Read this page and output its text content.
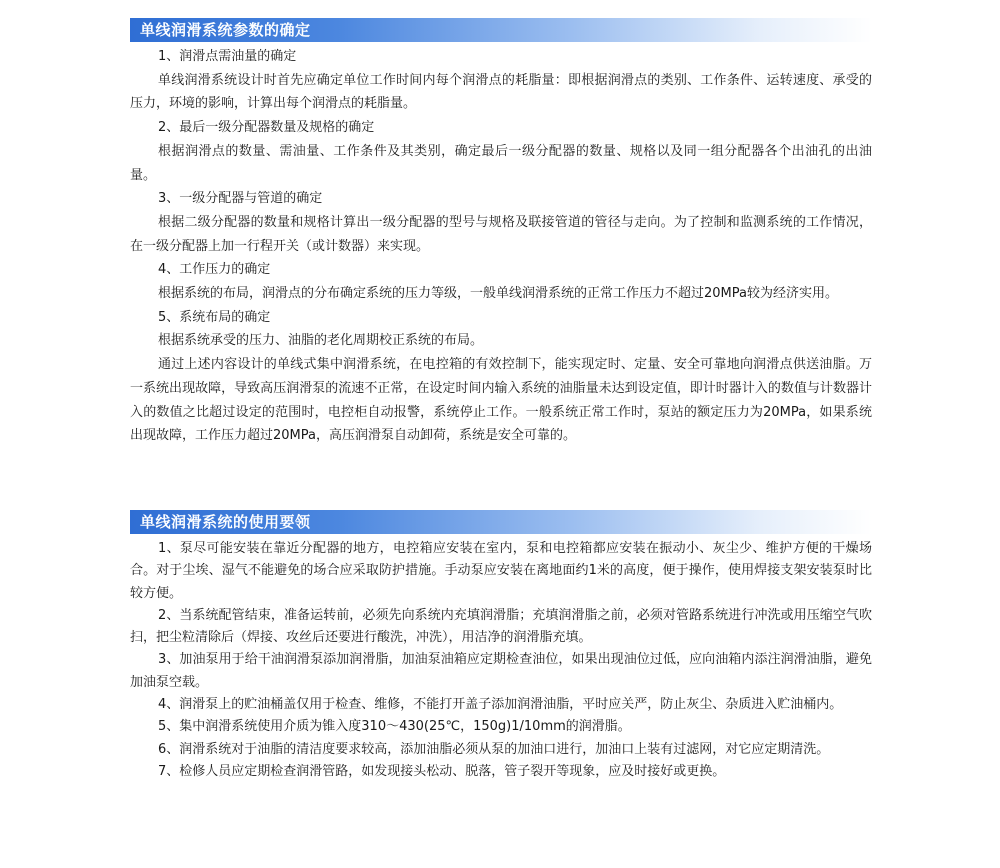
单线润滑系统参数的确定

1、润滑点需油量的确定

单线润滑系统设计时首先应确定单位工作时间内每个润滑点的耗脂量：即根据润滑点的类别、工作条件、运转速度、承受的压力，环境的影响，计算出每个润滑点的耗脂量。

2、最后一级分配器数量及规格的确定

根据润滑点的数量、需油量、工作条件及其类别，确定最后一级分配器的数量、规格以及同一组分配器各个出油孔的出油量。

3、一级分配器与管道的确定

根据二级分配器的数量和规格计算出一级分配器的型号与规格及联接管道的管径与走向。为了控制和监测系统的工作情况，在一级分配器上加一行程开关（或计数器）来实现。

4、工作压力的确定

根据系统的布局，润滑点的分布确定系统的压力等级，一般单线润滑系统的正常工作压力不超过20MPa较为经济实用。

5、系统布局的确定

根据系统承受的压力、油脂的老化周期校正系统的布局。

通过上述内容设计的单线式集中润滑系统，在电控箱的有效控制下，能实现定时、定量、安全可靠地向润滑点供送油脂。万一系统出现故障，导致高压润滑泵的流速不正常，在设定时间内输入系统的油脂量未达到设定值，即计时器计入的数值与计数器计入的数值之比超过设定的范围时，电控柜自动报警，系统停止工作。一般系统正常工作时，泵站的额定压力为20MPa，如果系统出现故障，工作压力超过20MPa，高压润滑泵自动卸荷，系统是安全可靠的。

单线润滑系统的使用要领

1、泵尽可能安装在靠近分配器的地方，电控箱应安装在室内，泵和电控箱都应安装在振动小、灰尘少、维护方便的干燥场合。对于尘埃、湿气不能避免的场合应采取防护措施。手动泵应安装在离地面约1米的高度，便于操作，使用焊接支架安装泵时比较方便。

2、当系统配管结束，准备运转前，必须先向系统内充填润滑脂；充填润滑脂之前，必须对管路系统进行冲洗或用压缩空气吹扫，把尘粒清除后（焊接、攻丝后还要进行酸洗，冲洗），用洁净的润滑脂充填。

3、加油泵用于给干油润滑泵添加润滑脂，加油泵油箱应定期检查油位，如果出现油位过低，应向油箱内添注润滑油脂，避免加油泵空载。

4、润滑泵上的贮油桶盖仅用于检查、维修，不能打开盖子添加润滑油脂，平时应关严，防止灰尘、杂质进入贮油桶内。

5、集中润滑系统使用介质为锥入度310～430(25℃，150g)1/10mm的润滑脂。

6、润滑系统对于油脂的清洁度要求较高，添加油脂必须从泵的加油口进行，加油口上装有过滤网，对它应定期清洗。

7、检修人员应定期检查润滑管路，如发现接头松动、脱落，管子裂开等现象，应及时接好或更换。
